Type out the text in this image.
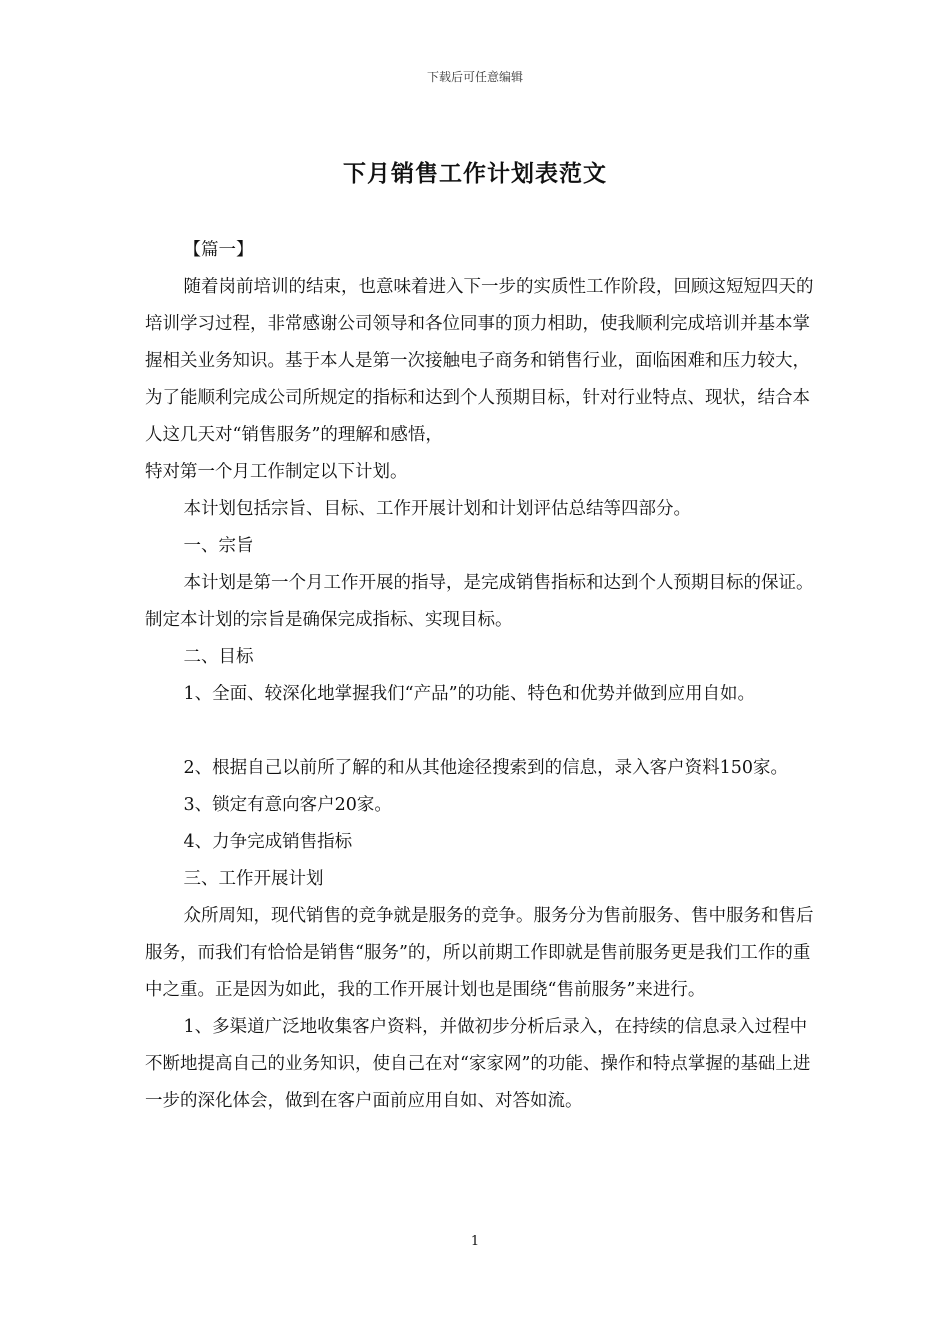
下载后可任意编辑
下月销售工作计划表范文

【篇一】

随着岗前培训的结束，也意味着进入下一步的实质性工作阶段，回顾这短短四天的培训学习过程，非常感谢公司领导和各位同事的顶力相助，使我顺利完成培训并基本掌握相关业务知识。基于本人是第一次接触电子商务和销售行业，面临困难和压力较大，为了能顺利完成公司所规定的指标和达到个人预期目标，针对行业特点、现状，结合本人这几天对“销售服务”的理解和感悟，

特对第一个月工作制定以下计划。

本计划包括宗旨、目标、工作开展计划和计划评估总结等四部分。

一、宗旨

本计划是第一个月工作开展的指导，是完成销售指标和达到个人预期目标的保证。制定本计划的宗旨是确保完成指标、实现目标。

二、目标

1、全面、较深化地掌握我们“产品”的功能、特色和优势并做到应用自如。

2、根据自己以前所了解的和从其他途径搜索到的信息，录入客户资料150家。

3、锁定有意向客户20家。

4、力争完成销售指标

三、工作开展计划

众所周知，现代销售的竞争就是服务的竞争。服务分为售前服务、售中服务和售后服务，而我们有恰恰是销售“服务”的，所以前期工作即就是售前服务更是我们工作的重中之重。正是因为如此，我的工作开展计划也是围绕“售前服务”来进行。

1、多渠道广泛地收集客户资料，并做初步分析后录入，在持续的信息录入过程中不断地提高自己的业务知识，使自己在对“家家网”的功能、操作和特点掌握的基础上进一步的深化体会，做到在客户面前应用自如、对答如流。

1
